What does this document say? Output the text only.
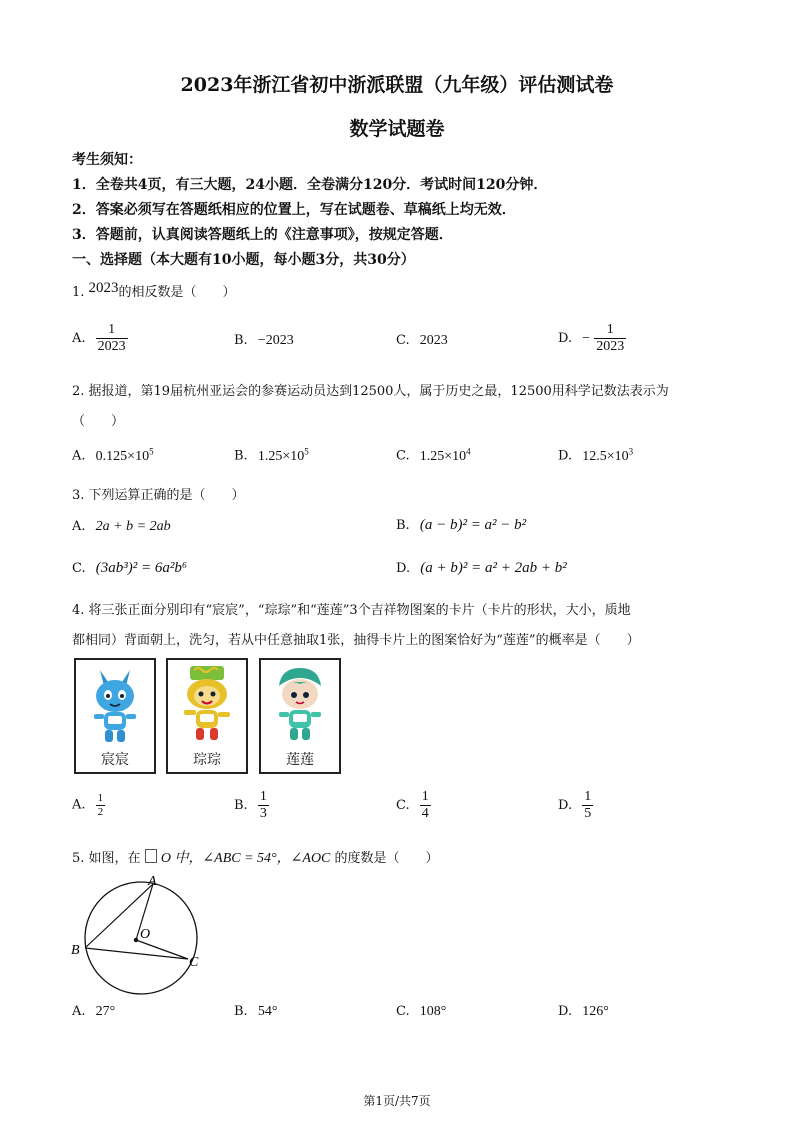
2023年浙江省初中浙派联盟（九年级）评估测试卷
数学试题卷
考生须知：
1．全卷共4页，有三大题，24小题．全卷满分120分．考试时间120分钟．
2．答案必须写在答题纸相应的位置上，写在试题卷、草稿纸上均无效．
3．答题前，认真阅读答题纸上的《注意事项》，按规定答题．
一、选择题（本大题有10小题，每小题3分，共30分）
1. 2023的相反数是（　　）
A. $\frac{1}{2023}$	B. −2023	C. 2023	D. − $\frac{1}{2023}$
2. 据报道，第19届杭州亚运会的参赛运动员达到12500人，属于历史之最，12500用科学记数法表示为
（　　）
A. $0.125\times 10^5$	B. $1.25\times 10^5$	C. $1.25\times 10^4$	D. $12.5\times 10^3$
3. 下列运算正确的是（　　）
A. 2a + b = 2ab	B. (a − b)² = a² − b²
C. (3ab³)² = 6a²b⁶	D. (a + b)² = a² + 2ab + b²
4. 将三张正面分别印有“宸宸”，“琮琮”和“莲莲”3个吉祥物图案的卡片（卡片的形状，大小，质地
都相同）背面朝上，洗匀，若从中任意抽取1张，抽得卡片上的图案恰好为“莲莲”的概率是（　　）
宸宸	琮琮	莲莲
A. $\frac{1}{2}$	B. $\frac{1}{3}$	C. $\frac{1}{4}$	D. $\frac{1}{5}$
5. 如图，在 O 中，∠ABC = 54°，∠AOC 的度数是（　　）
A
B
C
O
A. 27°	B. 54°	C. 108°	D. 126°
第1页/共7页
